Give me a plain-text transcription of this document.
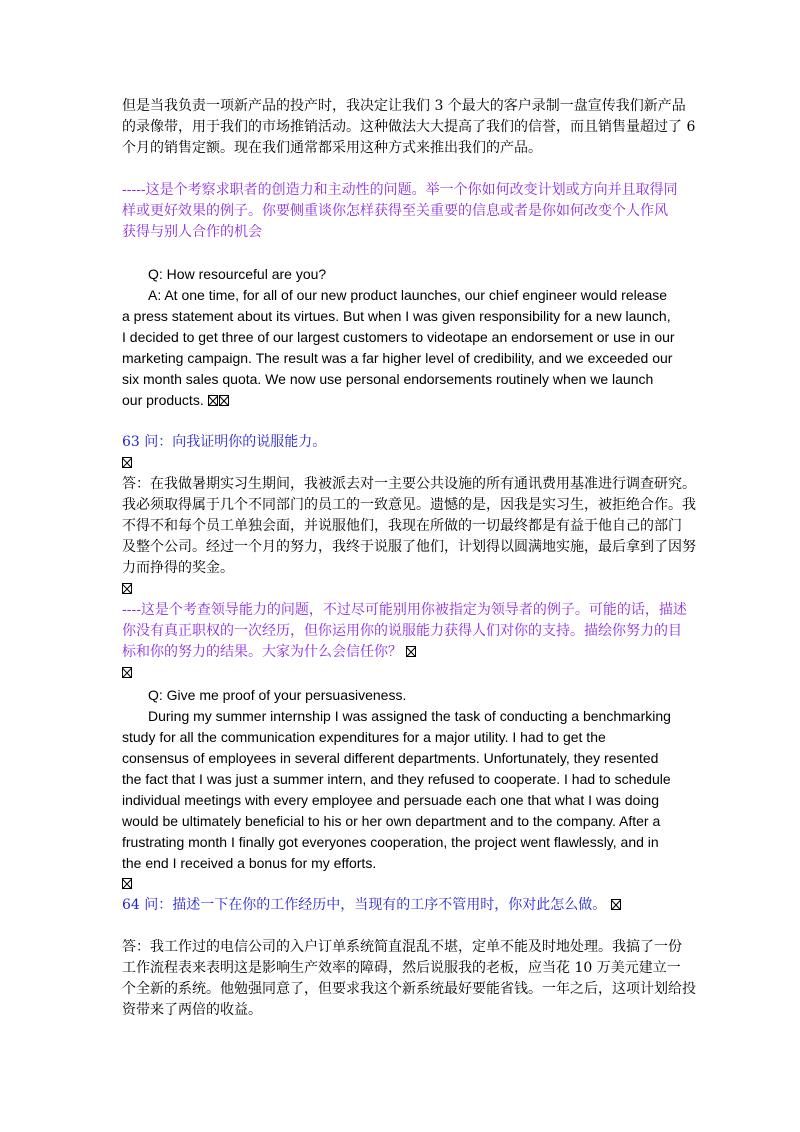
但是当我负责一项新产品的投产时，我决定让我们 3 个最大的客户录制一盘宣传我们新产品
的录像带，用于我们的市场推销活动。这种做法大大提高了我们的信誉，而且销售量超过了 6
个月的销售定额。现在我们通常都采用这种方式来推出我们的产品。
-----这是个考察求职者的创造力和主动性的问题。举一个你如何改变计划或方向并且取得同
样或更好效果的例子。你要侧重谈你怎样获得至关重要的信息或者是你如何改变个人作风
获得与别人合作的机会
Q: How resourceful are you?
A: At one time, for all of our new product launches, our chief engineer would release
a press statement about its virtues. But when I was given responsibility for a new launch,
I decided to get three of our largest customers to videotape an endorsement or use in our
marketing campaign. The result was a far higher level of credibility, and we exceeded our
six month sales quota. We now use personal endorsements routinely when we launch
our products.
63 问：向我证明你的说服能力。
答：在我做暑期实习生期间，我被派去对一主要公共设施的所有通讯费用基准进行调查研究。
我必须取得属于几个不同部门的员工的一致意见。遗憾的是，因我是实习生，被拒绝合作。我
不得不和每个员工单独会面，并说服他们，我现在所做的一切最终都是有益于他自己的部门
及整个公司。经过一个月的努力，我终于说服了他们，计划得以圆满地实施，最后拿到了因努
力而挣得的奖金。
----这是个考查领导能力的问题，不过尽可能别用你被指定为领导者的例子。可能的话，描述
你没有真正职权的一次经历，但你运用你的说服能力获得人们对你的支持。描绘你努力的目
标和你的努力的结果。大家为什么会信任你？
Q: Give me proof of your persuasiveness.
During my summer internship I was assigned the task of conducting a benchmarking
study for all the communication expenditures for a major utility. I had to get the
consensus of employees in several different departments. Unfortunately, they resented
the fact that I was just a summer intern, and they refused to cooperate. I had to schedule
individual meetings with every employee and persuade each one that what I was doing
would be ultimately beneficial to his or her own department and to the company. After a
frustrating month I finally got everyones cooperation, the project went flawlessly, and in
the end I received a bonus for my efforts.
64 问：描述一下在你的工作经历中，当现有的工序不管用时，你对此怎么做。
答：我工作过的电信公司的入户订单系统简直混乱不堪，定单不能及时地处理。我搞了一份
工作流程表来表明这是影响生产效率的障碍，然后说服我的老板，应当花 10 万美元建立一
个全新的系统。他勉强同意了，但要求我这个新系统最好要能省钱。一年之后，这项计划给投
资带来了两倍的收益。
